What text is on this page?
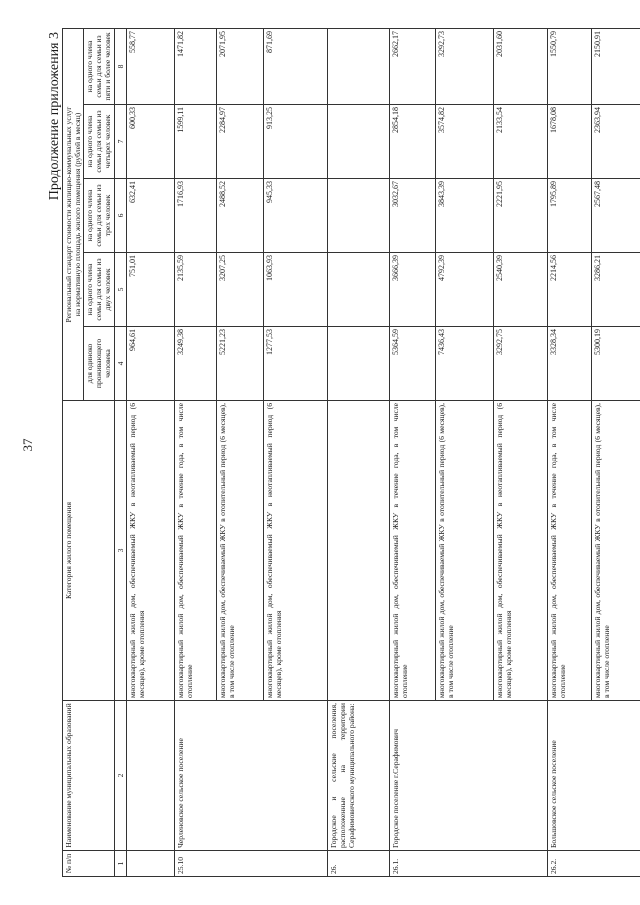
37
Продолжение приложения 3
№ п/п	Наименование муниципальных образований	Категория жилого помещения	Региональный стандарт стоимости жилищно-коммунальных услуг на нормативную площадь жилого помещения (рублей в месяц)				

			для одиноко проживающего человека	на одного члена семьи для семьи из двух человек	на одного члена семьи для семьи из трех человек	на одного члена семьи для семьи из четырех человек	на одного члена семьи для семьи из пяти и более человек
1	2	3	4	5	6	7	8
		многоквартирный жилой дом, обеспечиваемый ЖКУ в неотапливаемый период (6 месяцев), кроме отопления	964,61	751,01	632,41	600,33	558,77
25.10	Черленовское сельское поселение	многоквартирный жилой дом, обеспечиваемый ЖКУ в течение года, в том числе отопление	3249,38	2135,59	1716,93	1599,11	1471,82
		многоквартирный жилой дом, обеспечиваемый ЖКУ в отопительный период (6 месяцев), в том числе отопление	5221,23	3207,25	2488,52	2284,97	2071,95
		многоквартирный жилой дом, обеспечиваемый ЖКУ в неотапливаемый период (6 месяцев), кроме отопления	1277,53	1063,93	945,33	913,25	871,69
26.	Городское и сельские поселения, расположенные на территории Серафимовичского муниципального района:						
26.1.	Городское поселение г.Серафимович	многоквартирный жилой дом, обеспечиваемый ЖКУ в течение года, в том числе отопление	5364,59	3666,39	3032,67	2854,18	2662,17
		многоквартирный жилой дом, обеспечиваемый ЖКУ в отопительный период (6 месяцев), в том числе отопление	7436,43	4792,39	3843,39	3574,82	3292,73
		многоквартирный жилой дом, обеспечиваемый ЖКУ в неотапливаемый период (6 месяцев), кроме отопления	3292,75	2540,39	2221,95	2133,54	2031,60
26.2.	Большовское сельское поселение	многоквартирный жилой дом, обеспечиваемый ЖКУ в течение года, в том числе отопление	3328,34	2214,56	1795,89	1678,08	1550,79
		многоквартирный жилой дом, обеспечиваемый ЖКУ в отопительный период (6 месяцев), в том числе отопление	5300,19	3286,21	2567,48	2363,94	2150,91
